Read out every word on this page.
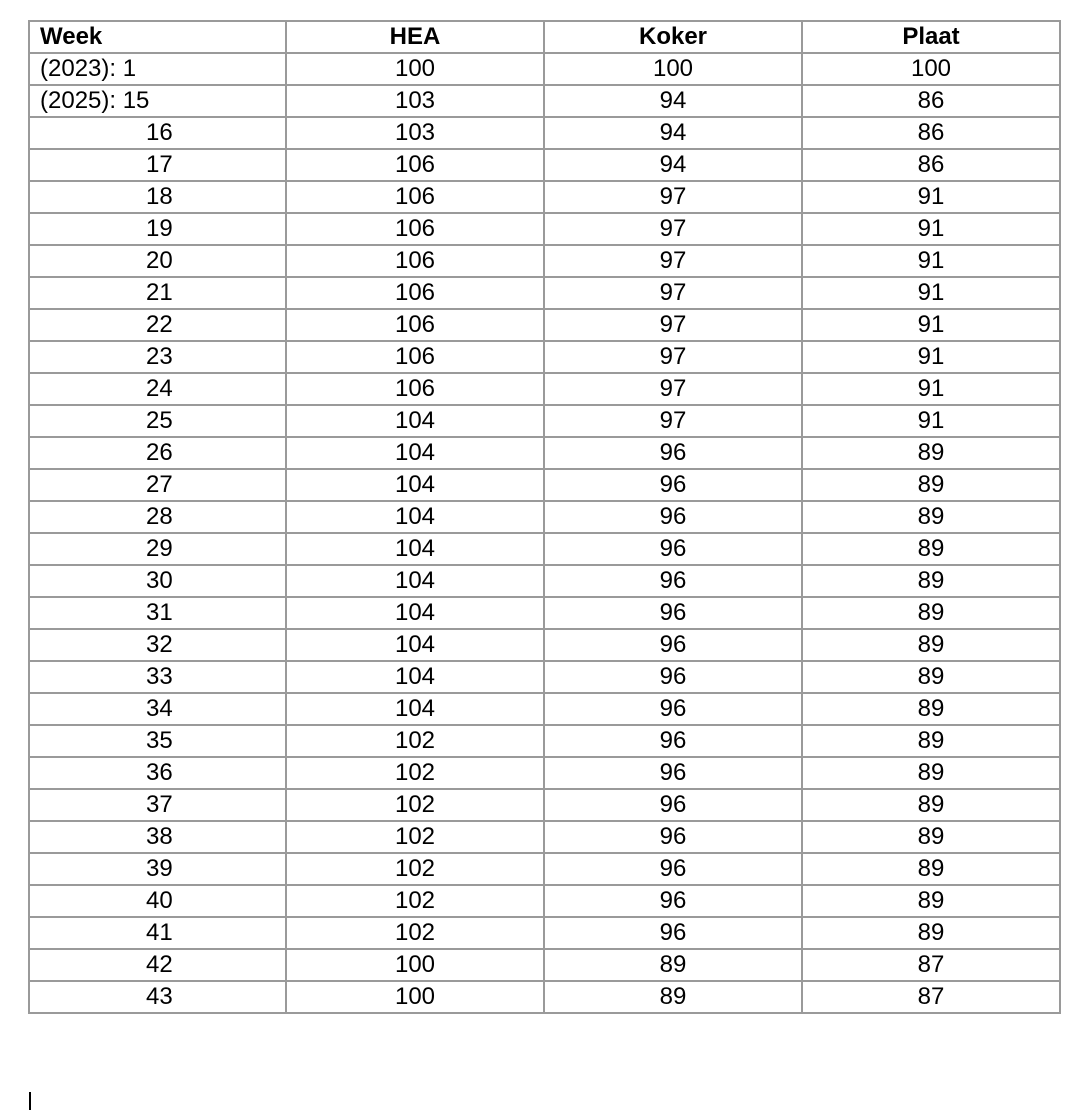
Week	HEA	Koker	Plaat
(2023): 1	100	100	100
(2025): 15	103	94	86
16	103	94	86
17	106	94	86
18	106	97	91
19	106	97	91
20	106	97	91
21	106	97	91
22	106	97	91
23	106	97	91
24	106	97	91
25	104	97	91
26	104	96	89
27	104	96	89
28	104	96	89
29	104	96	89
30	104	96	89
31	104	96	89
32	104	96	89
33	104	96	89
34	104	96	89
35	102	96	89
36	102	96	89
37	102	96	89
38	102	96	89
39	102	96	89
40	102	96	89
41	102	96	89
42	100	89	87
43	100	89	87
